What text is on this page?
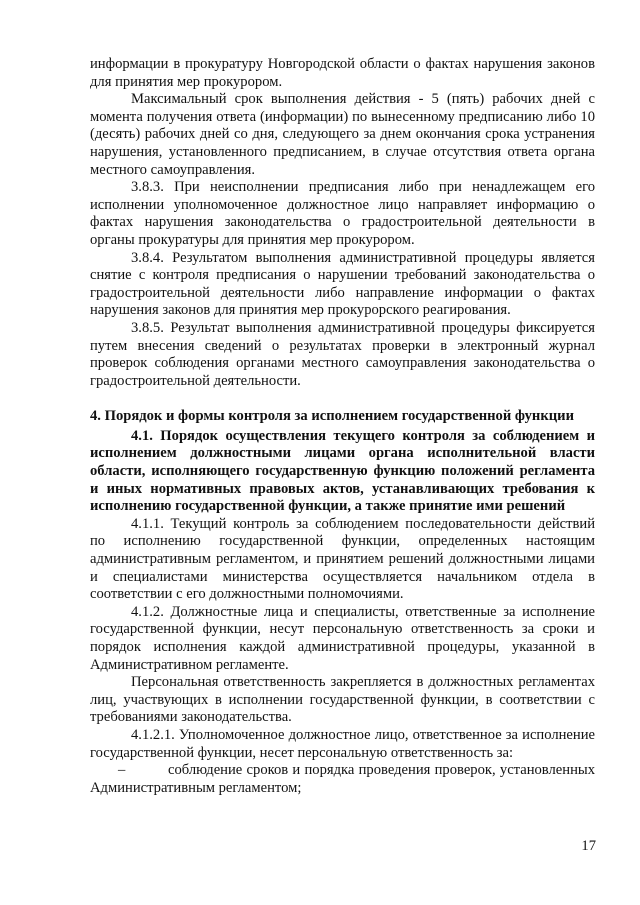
информации в прокуратуру Новгородской области о фактах нарушения законов для принятия мер прокурором.

Максимальный срок выполнения действия - 5 (пять) рабочих дней с момента получения ответа (информации) по вынесенному предписанию либо 10 (десять) рабочих дней со дня, следующего за днем окончания срока устранения нарушения, установленного предписанием, в случае отсутствия ответа органа местного самоуправления.

3.8.3. При неисполнении предписания либо при ненадлежащем его исполнении уполномоченное должностное лицо направляет информацию о фактах нарушения законодательства о градостроительной деятельности в органы прокуратуры для принятия мер прокурором.

3.8.4. Результатом выполнения административной процедуры является снятие с контроля предписания о нарушении требований законодательства о градостроительной деятельности либо направление информации о фактах нарушения законов для принятия мер прокурорского реагирования.

3.8.5. Результат выполнения административной процедуры фиксируется путем внесения сведений о результатах проверки в электронный журнал проверок соблюдения органами местного самоуправления законодательства о градостроительной деятельности.

4. Порядок и формы контроля за исполнением государственной функции

4.1. Порядок осуществления текущего контроля за соблюдением и исполнением должностными лицами органа исполнительной власти области, исполняющего государственную функцию положений регламента и иных нормативных правовых актов, устанавливающих требования к исполнению государственной функции, а также принятие ими решений

4.1.1. Текущий контроль за соблюдением последовательности действий по исполнению государственной функции, определенных настоящим административным регламентом, и принятием решений должностными лицами и специалистами министерства осуществляется начальником отдела в соответствии с его должностными полномочиями.

4.1.2. Должностные лица и специалисты, ответственные за исполнение государственной функции, несут персональную ответственность за сроки и порядок исполнения каждой административной процедуры, указанной в Административном регламенте.

Персональная ответственность закрепляется в должностных регламентах лиц, участвующих в исполнении государственной функции, в соответствии с требованиями законодательства.

4.1.2.1. Уполномоченное должностное лицо, ответственное за исполнение государственной функции, несет персональную ответственность за:

–	соблюдение сроков и порядка проведения проверок, установленных Административным регламентом;

17
